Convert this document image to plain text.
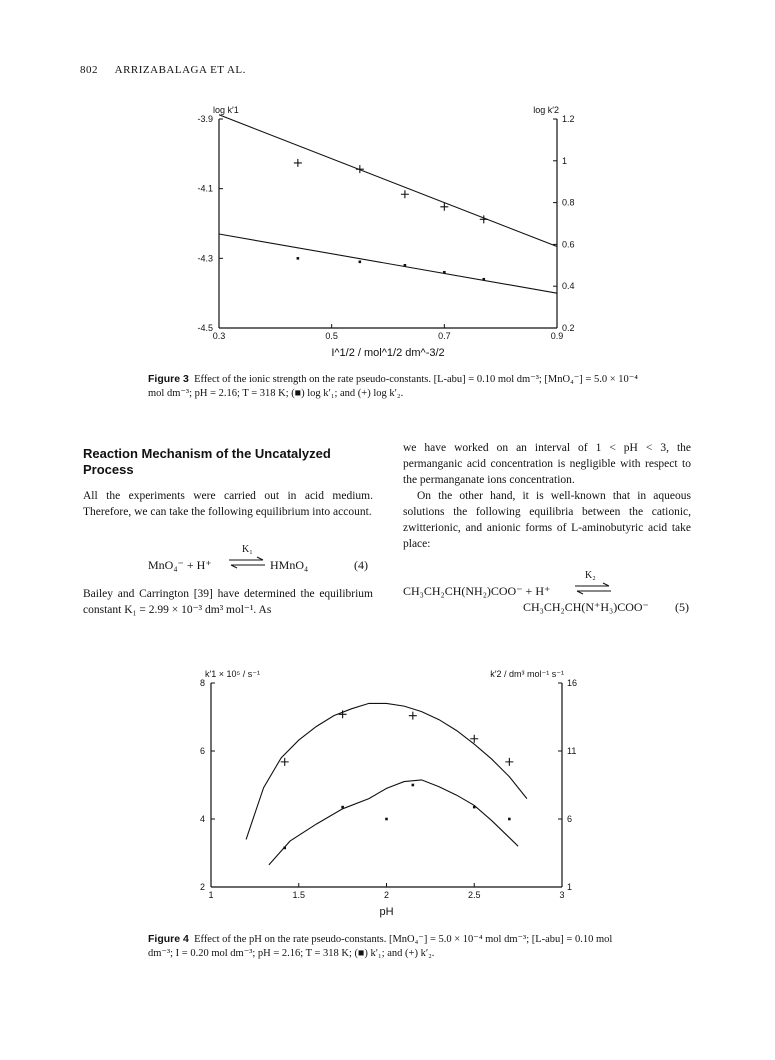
802 ARRIZABALAGA ET AL.
0.3	0.5	0.7	0.9
-4.5
-4.3
-4.1
-3.9
0.2
0.4
0.6
0.8
1
1.2
log k′1	log k′2
I^1/2 / mol^1/2 dm^-3/2
Figure 3 Effect of the ionic strength on the rate pseudo-constants. [L-abu] = 0.10 mol dm⁻³; [MnO₄⁻] = 5.0 × 10⁻⁴ mol dm⁻³; pH = 2.16; T = 318 K; (■) log k′₁; and (+) log k′₂.
Reaction Mechanism of the Uncatalyzed Process
All the experiments were carried out in acid medium. Therefore, we can take the following equilibrium into account.
MnO₄⁻ + H⁺
K₁
⇌ HMnO₄	(4)
Bailey and Carrington [39] have determined the equilibrium constant K₁ = 2.99 × 10⁻³ dm³ mol⁻¹. As
we have worked on an interval of 1 < pH < 3, the permanganic acid concentration is negligible with respect to the permanganate ions concentration.
On the other hand, it is well-known that in aqueous solutions the following equilibria between the cationic, zwitterionic, and anionic forms of L-aminobutyric acid take place:
CH₃CH₂CH(NH₂)COO⁻ + H⁺
K₂
CH₃CH₂CH(N⁺H₃)COO⁻ (5)
1	1.5	2	2.5	3
2
4
6
8
1
6
11
16
k′1 × 10⁵ / s⁻¹	k′2 / dm³ mol⁻¹ s⁻¹
pH
Figure 4 Effect of the pH on the rate pseudo-constants. [MnO₄⁻] = 5.0 × 10⁻⁴ mol dm⁻³; [L-abu] = 0.10 mol dm⁻³; I = 0.20 mol dm⁻³; pH = 2.16; T = 318 K; (■) k′₁; and (+) k′₂.
